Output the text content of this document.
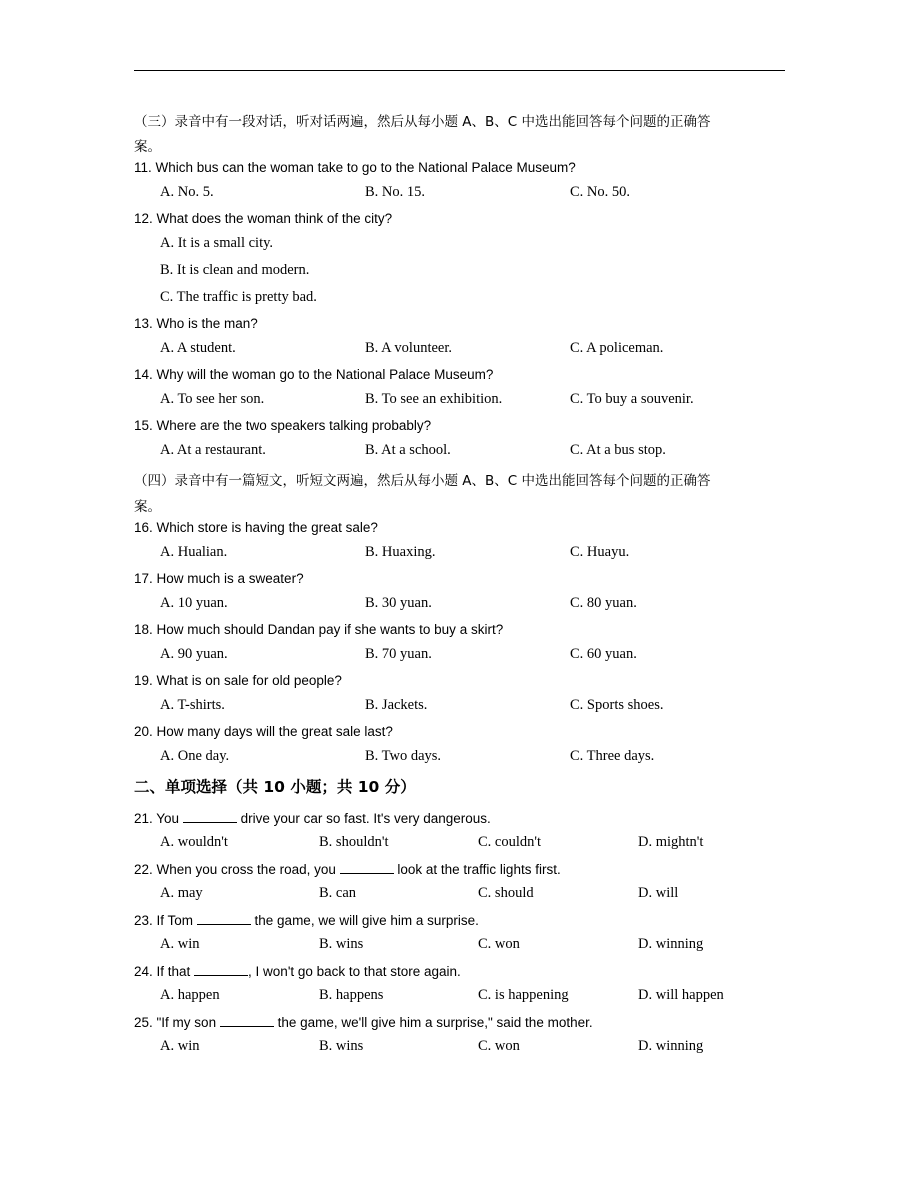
（三）录音中有一段对话，听对话两遍，然后从每小题 A、B、C 中选出能回答每个问题的正确答
案。
11. Which bus can the woman take to go to the National Palace Museum?
A. No. 5.	B. No. 15.	C. No. 50.
12. What does the woman think of the city?
A. It is a small city.
B. It is clean and modern.
C. The traffic is pretty bad.
13. Who is the man?
A. A student.	B. A volunteer.	C. A policeman.
14. Why will the woman go to the National Palace Museum?
A. To see her son.	B. To see an exhibition.	C. To buy a souvenir.
15. Where are the two speakers talking probably?
A. At a restaurant.	B. At a school.	C. At a bus stop.
（四）录音中有一篇短文，听短文两遍，然后从每小题 A、B、C 中选出能回答每个问题的正确答
案。
16. Which store is having the great sale?
A. Hualian.	B. Huaxing.	C. Huayu.
17. How much is a sweater?
A. 10 yuan.	B. 30 yuan.	C. 80 yuan.
18. How much should Dandan pay if she wants to buy a skirt?
A. 90 yuan.	B. 70 yuan.	C. 60 yuan.
19. What is on sale for old people?
A. T-shirts.	B. Jackets.	C. Sports shoes.
20. How many days will the great sale last?
A. One day.	B. Two days.	C. Three days.
二、单项选择（共 10 小题；共 10 分）
21. You	drive your car so fast. It's very dangerous.
A. wouldn't	B. shouldn't	C. couldn't	D. mightn't
22. When you cross the road, you	look at the traffic lights first.
A. may	B. can	C. should	D. will
23. If Tom	the game, we will give him a surprise.
A. win	B. wins	C. won	D. winning
24. If that	, I won't go back to that store again.
A. happen	B. happens	C. is happening	D. will happen
25. "If my son	the game, we'll give him a surprise," said the mother.
A. win	B. wins	C. won	D. winning
